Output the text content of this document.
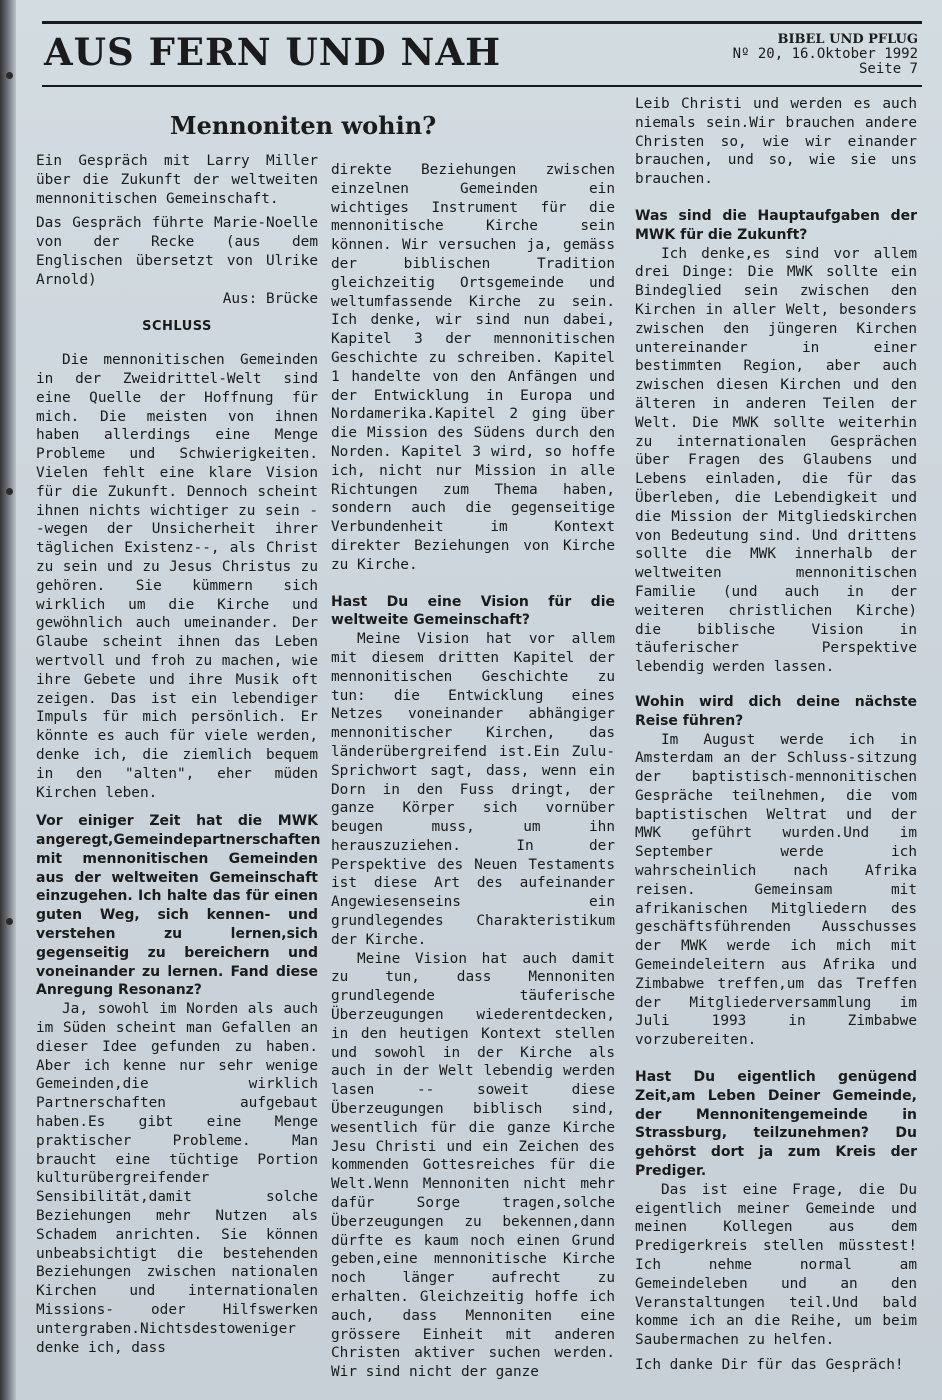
AUS FERN UND NAH	BIBEL UND PFLUG
Nº 20, 16.Oktober 1992
Seite 7
Mennoniten wohin?

Ein Gespräch mit Larry Miller über die Zukunft der weltweiten mennonitischen Gemeinschaft.

Das Gespräch führte Marie-Noelle von der Recke (aus dem Englischen übersetzt von Ulrike Arnold)

Aus: Brücke

SCHLUSS

Die mennonitischen Gemeinden in der Zweidrittel-Welt sind eine Quelle der Hoffnung für mich. Die meisten von ihnen haben allerdings eine Menge Probleme und Schwierigkeiten. Vielen fehlt eine klare Vision für die Zukunft. Dennoch scheint ihnen nichts wichtiger zu sein --wegen der Unsicherheit ihrer täglichen Existenz--, als Christ zu sein und zu Jesus Christus zu gehören. Sie kümmern sich wirklich um die Kirche und gewöhnlich auch umeinander. Der Glaube scheint ihnen das Leben wertvoll und froh zu machen, wie ihre Gebete und ihre Musik oft zeigen. Das ist ein lebendiger Impuls für mich persönlich. Er könnte es auch für viele werden, denke ich, die ziemlich bequem in den "alten", eher müden Kirchen leben.

Vor einiger Zeit hat die MWK angeregt,Gemeindepartnerschaften mit mennonitischen Gemeinden aus der weltweiten Gemeinschaft einzugehen. Ich halte das für einen guten Weg, sich kennen- und verstehen zu lernen,sich gegenseitig zu bereichern und voneinander zu lernen. Fand diese Anregung Resonanz?

Ja, sowohl im Norden als auch im Süden scheint man Gefallen an dieser Idee gefunden zu haben. Aber ich kenne nur sehr wenige Gemeinden,die wirklich Partnerschaften aufgebaut haben.Es gibt eine Menge praktischer Probleme. Man braucht eine tüchtige Portion kulturübergreifender Sensibilität,damit solche Beziehungen mehr Nutzen als Schadem anrichten. Sie können unbeabsichtigt die bestehenden Beziehungen zwischen nationalen Kirchen und internationalen Missions- oder Hilfswerken untergraben.Nichtsdestoweniger denke ich, dass

direkte Beziehungen zwischen einzelnen Gemeinden ein wichtiges Instrument für die mennonitische Kirche sein können. Wir versuchen ja, gemäss der biblischen Tradition gleichzeitig Ortsgemeinde und weltumfassende Kirche zu sein. Ich denke, wir sind nun dabei, Kapitel 3 der mennonitischen Geschichte zu schreiben. Kapitel 1 handelte von den Anfängen und der Entwicklung in Europa und Nordamerika.Kapitel 2 ging über die Mission des Südens durch den Norden. Kapitel 3 wird, so hoffe ich, nicht nur Mission in alle Richtungen zum Thema haben, sondern auch die gegenseitige Verbundenheit im Kontext direkter Beziehungen von Kirche zu Kirche.

Hast Du eine Vision für die weltweite Gemeinschaft?

Meine Vision hat vor allem mit diesem dritten Kapitel der mennonitischen Geschichte zu tun: die Entwicklung eines Netzes voneinander abhängiger mennonitischer Kirchen, das länderübergreifend ist.Ein Zulu-Sprichwort sagt, dass, wenn ein Dorn in den Fuss dringt, der ganze Körper sich vornüber beugen muss, um ihn herauszuziehen. In der Perspektive des Neuen Testaments ist diese Art des aufeinander Angewiesenseins ein grundlegendes Charakteristikum der Kirche.

Meine Vision hat auch damit zu tun, dass Mennoniten grundlegende täuferische Überzeugungen wiederentdecken, in den heutigen Kontext stellen und sowohl in der Kirche als auch in der Welt lebendig werden lasen -- soweit diese Überzeugungen biblisch sind, wesentlich für die ganze Kirche Jesu Christi und ein Zeichen des kommenden Gottesreiches für die Welt.Wenn Mennoniten nicht mehr dafür Sorge tragen,solche Überzeugungen zu bekennen,dann dürfte es kaum noch einen Grund geben,eine mennonitische Kirche noch länger aufrecht zu erhalten. Gleichzeitig hoffe ich auch, dass Mennoniten eine grössere Einheit mit anderen Christen aktiver suchen werden. Wir sind nicht der ganze

Leib Christi und werden es auch niemals sein.Wir brauchen andere Christen so, wie wir einander brauchen, und so, wie sie uns brauchen.

Was sind die Hauptaufgaben der MWK für die Zukunft?

Ich denke,es sind vor allem drei Dinge: Die MWK sollte ein Bindeglied sein zwischen den Kirchen in aller Welt, besonders zwischen den jüngeren Kirchen untereinander in einer bestimmten Region, aber auch zwischen diesen Kirchen und den älteren in anderen Teilen der Welt. Die MWK sollte weiterhin zu internationalen Gesprächen über Fragen des Glaubens und Lebens einladen, die für das Überleben, die Lebendigkeit und die Mission der Mitgliedskirchen von Bedeutung sind. Und drittens sollte die MWK innerhalb der weltweiten mennonitischen Familie (und auch in der weiteren christlichen Kirche) die biblische Vision in täuferischer Perspektive lebendig werden lassen.

Wohin wird dich deine nächste Reise führen?

Im August werde ich in Amsterdam an der Schluss-sitzung der baptistisch-mennonitischen Gespräche teilnehmen, die vom baptistischen Weltrat und der MWK geführt wurden.Und im September werde ich wahrscheinlich nach Afrika reisen. Gemeinsam mit afrikanischen Mitgliedern des geschäftsführenden Ausschusses der MWK werde ich mich mit Gemeindeleitern aus Afrika und Zimbabwe treffen,um das Treffen der Mitgliederversammlung im Juli 1993 in Zimbabwe vorzubereiten.

Hast Du eigentlich genügend Zeit,am Leben Deiner Gemeinde, der Mennonitengemeinde in Strassburg, teilzunehmen? Du gehörst dort ja zum Kreis der Prediger.

Das ist eine Frage, die Du eigentlich meiner Gemeinde und meinen Kollegen aus dem Predigerkreis stellen müsstest! Ich nehme normal am Gemeindeleben und an den Veranstaltungen teil.Und bald komme ich an die Reihe, um beim Saubermachen zu helfen.

Ich danke Dir für das Gespräch!
